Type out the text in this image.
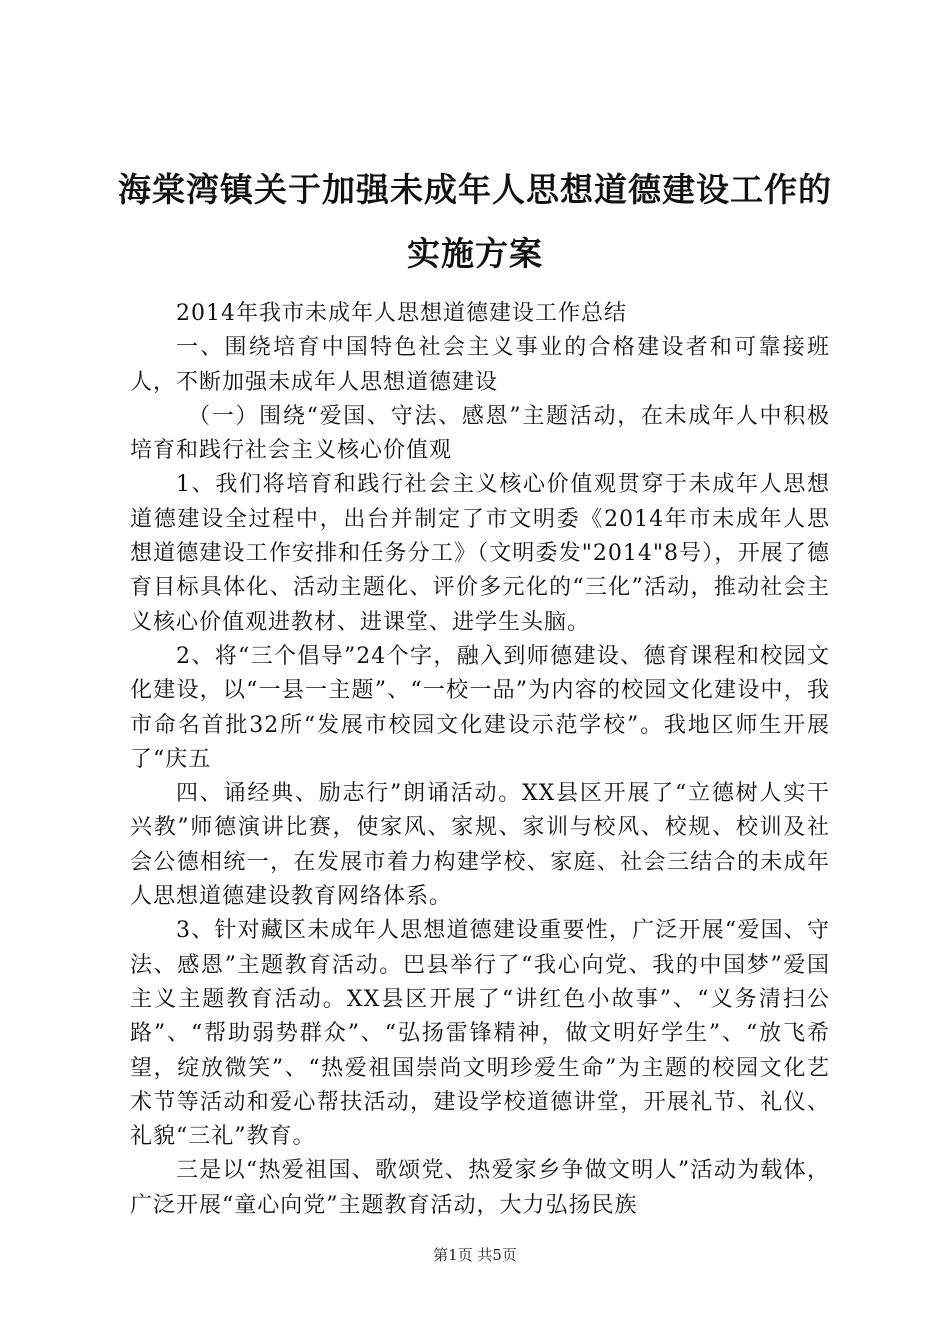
海棠湾镇关于加强未成年人思想道德建设工作的实施方案

2014年我市未成年人思想道德建设工作总结

一、围绕培育中国特色社会主义事业的合格建设者和可靠接班人，不断加强未成年人思想道德建设

（一）围绕“爱国、守法、感恩”主题活动，在未成年人中积极培育和践行社会主义核心价值观

1、我们将培育和践行社会主义核心价值观贯穿于未成年人思想道德建设全过程中，出台并制定了市文明委《2014年市未成年人思想道德建设工作安排和任务分工》（文明委发"2014"8号），开展了德育目标具体化、活动主题化、评价多元化的“三化”活动，推动社会主义核心价值观进教材、进课堂、进学生头脑。

2、将“三个倡导”24个字，融入到师德建设、德育课程和校园文化建设，以“一县一主题”、“一校一品”为内容的校园文化建设中，我市命名首批32所“发展市校园文化建设示范学校”。我地区师生开展了“庆五

四、诵经典、励志行”朗诵活动。XX县区开展了“立德树人实干兴教”师德演讲比赛，使家风、家规、家训与校风、校规、校训及社会公德相统一，在发展市着力构建学校、家庭、社会三结合的未成年人思想道德建设教育网络体系。

3、针对藏区未成年人思想道德建设重要性，广泛开展“爱国、守法、感恩”主题教育活动。巴县举行了“我心向党、我的中国梦”爱国主义主题教育活动。XX县区开展了“讲红色小故事”、“义务清扫公路”、“帮助弱势群众”、“弘扬雷锋精神，做文明好学生”、“放飞希望，绽放微笑”、“热爱祖国崇尚文明珍爱生命”为主题的校园文化艺术节等活动和爱心帮扶活动，建设学校道德讲堂，开展礼节、礼仪、礼貌“三礼”教育。

三是以“热爱祖国、歌颂党、热爱家乡争做文明人”活动为载体，广泛开展“童心向党”主题教育活动，大力弘扬民族

第1页 共5页
